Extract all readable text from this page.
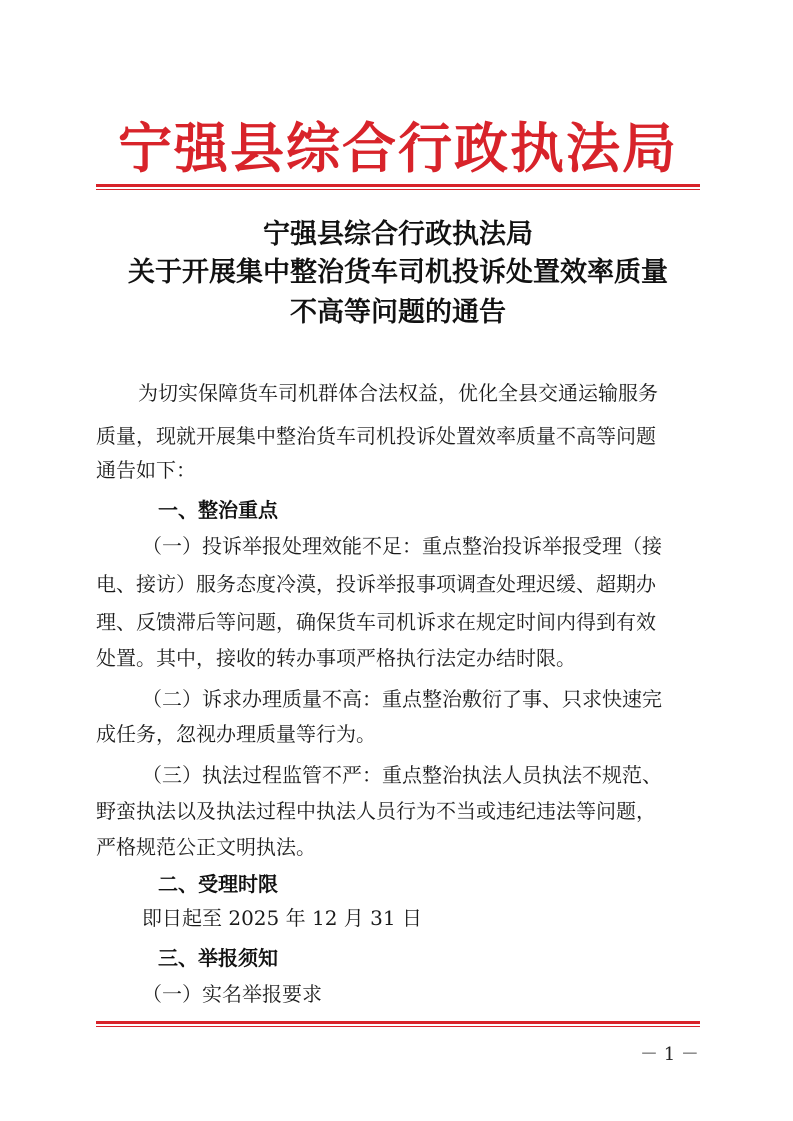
宁强县综合行政执法局
宁强县综合行政执法局
关于开展集中整治货车司机投诉处置效率质量
不高等问题的通告
为切实保障货车司机群体合法权益，优化全县交通运输服务
质量，现就开展集中整治货车司机投诉处置效率质量不高等问题
通告如下：
一、整治重点
（一）投诉举报处理效能不足：重点整治投诉举报受理（接
电、接访）服务态度冷漠，投诉举报事项调查处理迟缓、超期办
理、反馈滞后等问题，确保货车司机诉求在规定时间内得到有效
处置。其中，接收的转办事项严格执行法定办结时限。
（二）诉求办理质量不高：重点整治敷衍了事、只求快速完
成任务，忽视办理质量等行为。
（三）执法过程监管不严：重点整治执法人员执法不规范、
野蛮执法以及执法过程中执法人员行为不当或违纪违法等问题，
严格规范公正文明执法。
二、受理时限
即日起至 2025 年 12 月 31 日
三、举报须知
（一）实名举报要求
－ 1 －
